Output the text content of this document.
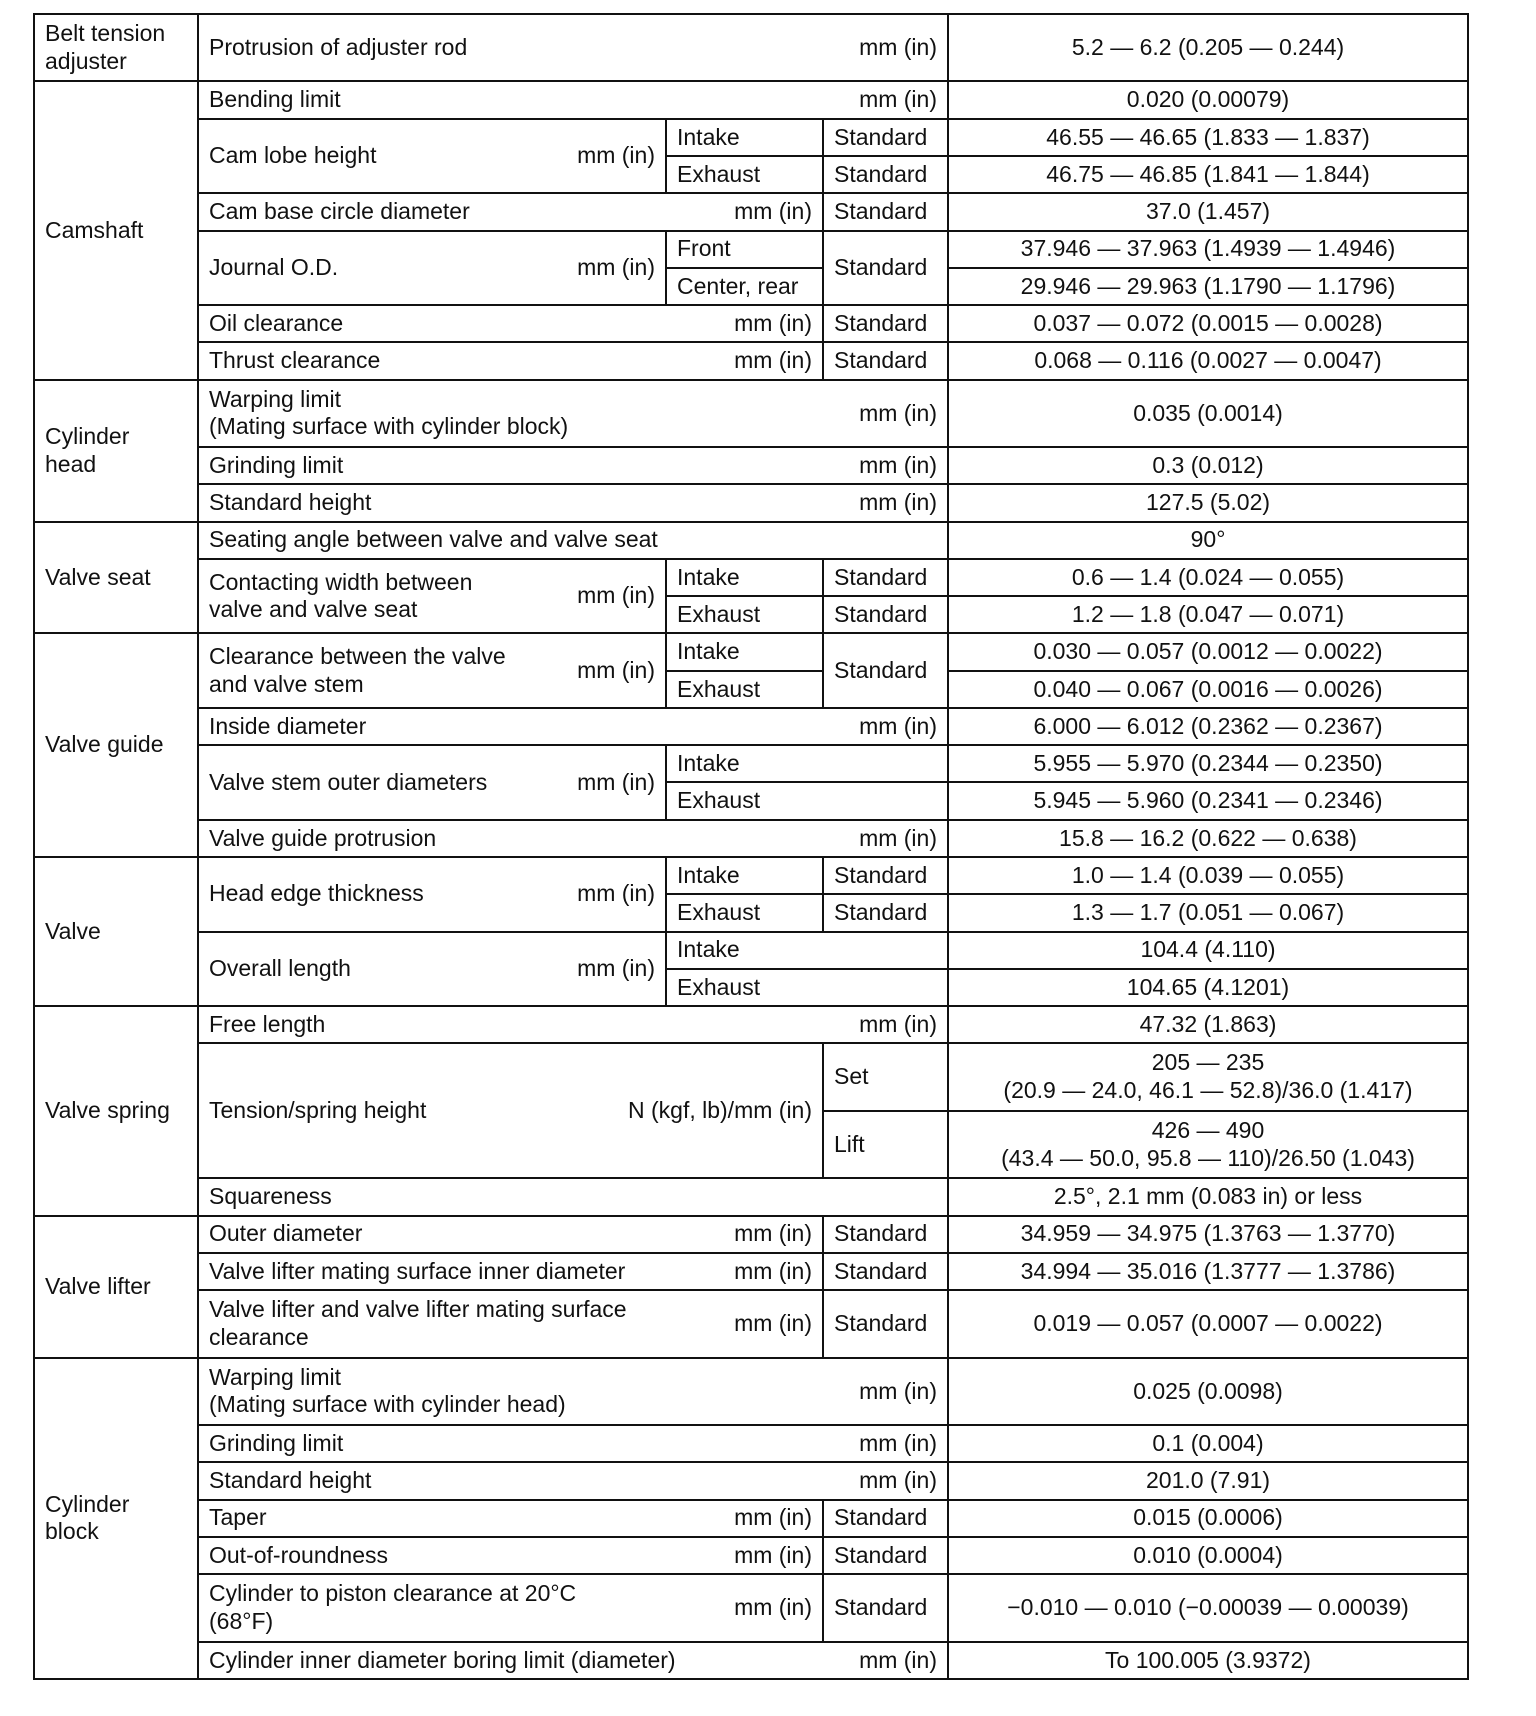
Belt tension
adjuster	Protrusion of adjuster rod mm (in)			5.2 — 6.2 (0.205 — 0.244)
Camshaft	Bending limit mm (in)			0.020 (0.00079)

	Cam lobe height mm (in)	Intake	Standard	46.55 — 46.65 (1.833 — 1.837)
		Exhaust	Standard	46.75 — 46.85 (1.841 — 1.844)

	Cam base circle diameter mm (in)		Standard	37.0 (1.457)

	Journal O.D. mm (in)	Front	Standard	37.946 — 37.963 (1.4939 — 1.4946)
		Center, rear		29.946 — 29.963 (1.1790 — 1.1796)

	Oil clearance mm (in)		Standard	0.037 — 0.072 (0.0015 — 0.0028)

	Thrust clearance mm (in)		Standard	0.068 — 0.116 (0.0027 — 0.0047)
Cylinder
head	Warping limit
(Mating surface with cylinder block)
mm (in)			0.035 (0.0014)

	Grinding limit mm (in)			0.3 (0.012)

	Standard height mm (in)			127.5 (5.02)
Valve seat	Seating angle between valve and valve seat			90°

	Contacting width between
valve and valve seat
mm (in)	Intake	Standard	0.6 — 1.4 (0.024 — 0.055)
		Exhaust	Standard	1.2 — 1.8 (0.047 — 0.071)
Valve guide	Clearance between the valve
and valve stem
mm (in)	Intake	Standard	0.030 — 0.057 (0.0012 — 0.0022)
		Exhaust		0.040 — 0.067 (0.0016 — 0.0026)

	Inside diameter mm (in)			6.000 — 6.012 (0.2362 — 0.2367)

	Valve stem outer diameters mm (in)	Intake		5.955 — 5.970 (0.2344 — 0.2350)
		Exhaust		5.945 — 5.960 (0.2341 — 0.2346)

	Valve guide protrusion mm (in)			15.8 — 16.2 (0.622 — 0.638)
Valve	Head edge thickness mm (in)	Intake	Standard	1.0 — 1.4 (0.039 — 0.055)
		Exhaust	Standard	1.3 — 1.7 (0.051 — 0.067)

	Overall length mm (in)	Intake		104.4 (4.110)
		Exhaust		104.65 (4.1201)
Valve spring	Free length mm (in)			47.32 (1.863)

	Tension/spring height N (kgf, lb)/mm (in)		Set	205 — 235
(20.9 — 24.0, 46.1 — 52.8)/36.0 (1.417)
			Lift	426 — 490
(43.4 — 50.0, 95.8 — 110)/26.50 (1.043)

	Squareness			2.5°, 2.1 mm (0.083 in) or less
Valve lifter	Outer diameter mm (in)		Standard	34.959 — 34.975 (1.3763 — 1.3770)

	Valve lifter mating surface inner diameter mm (in)		Standard	34.994 — 35.016 (1.3777 — 1.3786)

	Valve lifter and valve lifter mating surface
clearance
mm (in)		Standard	0.019 — 0.057 (0.0007 — 0.0022)
Cylinder
block	Warping limit
(Mating surface with cylinder head)
mm (in)			0.025 (0.0098)

	Grinding limit mm (in)			0.1 (0.004)

	Standard height mm (in)			201.0 (7.91)

	Taper mm (in)		Standard	0.015 (0.0006)

	Out-of-roundness mm (in)		Standard	0.010 (0.0004)

	Cylinder to piston clearance at 20°C
(68°F)
mm (in)		Standard	−0.010 — 0.010 (−0.00039 — 0.00039)

	Cylinder inner diameter boring limit (diameter) mm (in)			To 100.005 (3.9372)
